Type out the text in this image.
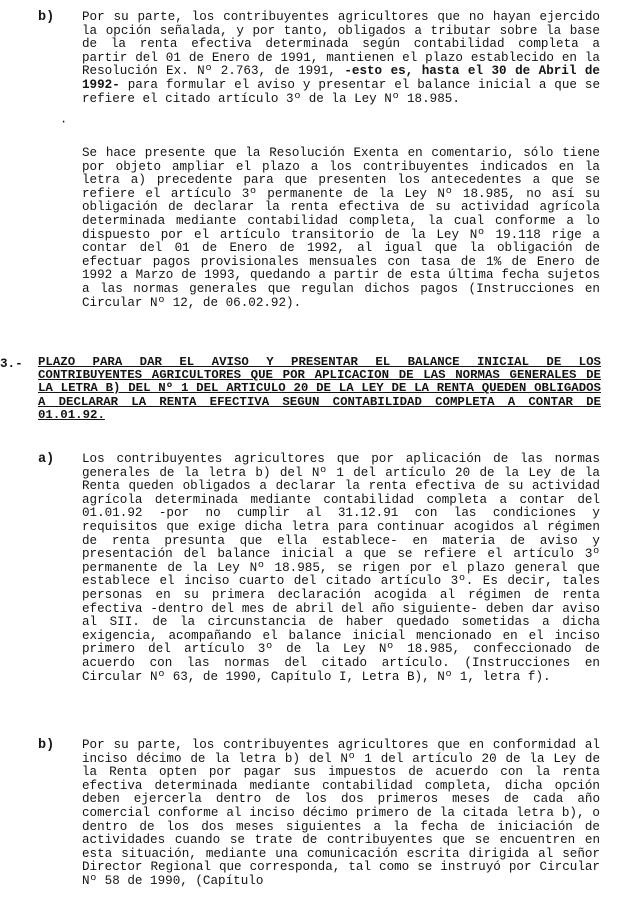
b) Por su parte, los contribuyentes agricultores que no hayan ejercido la opción señalada, y por tanto, obligados a tributar sobre la base de la renta efectiva determinada según contabilidad completa a partir del 01 de Enero de 1991, mantienen el plazo establecido en la Resolución Ex. Nº 2.763, de 1991, -esto es, hasta el 30 de Abril de 1992- para formular el aviso y presentar el balance inicial a que se refiere el citado artículo 3º de la Ley Nº 18.985.
·
Se hace presente que la Resolución Exenta en comentario, sólo tiene por objeto ampliar el plazo a los contribuyentes indicados en la letra a) precedente para que presenten los antecedentes a que se refiere el artículo 3º permanente de la Ley Nº 18.985, no así su obligación de declarar la renta efectiva de su actividad agrícola determinada mediante contabilidad completa, la cual conforme a lo dispuesto por el artículo transitorio de la Ley Nº 19.118 rige a contar del 01 de Enero de 1992, al igual que la obligación de efectuar pagos provisionales mensuales con tasa de 1% de Enero de 1992 a Marzo de 1993, quedando a partir de esta última fecha sujetos a las normas generales que regulan dichos pagos (Instrucciones en Circular Nº 12, de 06.02.92).
3.- PLAZO PARA DAR EL AVISO Y PRESENTAR EL BALANCE INICIAL DE LOS CONTRIBUYENTES AGRICULTORES QUE POR APLICACION DE LAS NORMAS GENERALES DE LA LETRA B) DEL Nº 1 DEL ARTICULO 20 DE LA LEY DE LA RENTA QUEDEN OBLIGADOS A DECLARAR LA RENTA EFECTIVA SEGUN CONTABILIDAD COMPLETA A CONTAR DE 01.01.92.
a) Los contribuyentes agricultores que por aplicación de las normas generales de la letra b) del Nº 1 del artículo 20 de la Ley de la Renta queden obligados a declarar la renta efectiva de su actividad agrícola determinada mediante contabilidad completa a contar del 01.01.92 -por no cumplir al 31.12.91 con las condiciones y requisitos que exige dicha letra para continuar acogidos al régimen de renta presunta que ella establece- en materia de aviso y presentación del balance inicial a que se refiere el artículo 3º permanente de la Ley Nº 18.985, se rigen por el plazo general que establece el inciso cuarto del citado artículo 3º. Es decir, tales personas en su primera declaración acogida al régimen de renta efectiva -dentro del mes de abril del año siguiente- deben dar aviso al SII. de la circunstancia de haber quedado sometidas a dicha exigencia, acompañando el balance inicial mencionado en el inciso primero del artículo 3º de la Ley Nº 18.985, confeccionado de acuerdo con las normas del citado artículo. (Instrucciones en Circular Nº 63, de 1990, Capítulo I, Letra B), Nº 1, letra f).
b) Por su parte, los contribuyentes agricultores que en conformidad al inciso décimo de la letra b) del Nº 1 del artículo 20 de la Ley de la Renta opten por pagar sus impuestos de acuerdo con la renta efectiva determinada mediante contabilidad completa, dicha opción deben ejercerla dentro de los dos primeros meses de cada año comercial conforme al inciso décimo primero de la citada letra b), o dentro de los dos meses siguientes a la fecha de iniciación de actividades cuando se trate de contribuyentes que se encuentren en esta situación, mediante una comunicación escrita dirigida al señor Director Regional que corresponda, tal como se instruyó por Circular Nº 58 de 1990, (Capítulo
